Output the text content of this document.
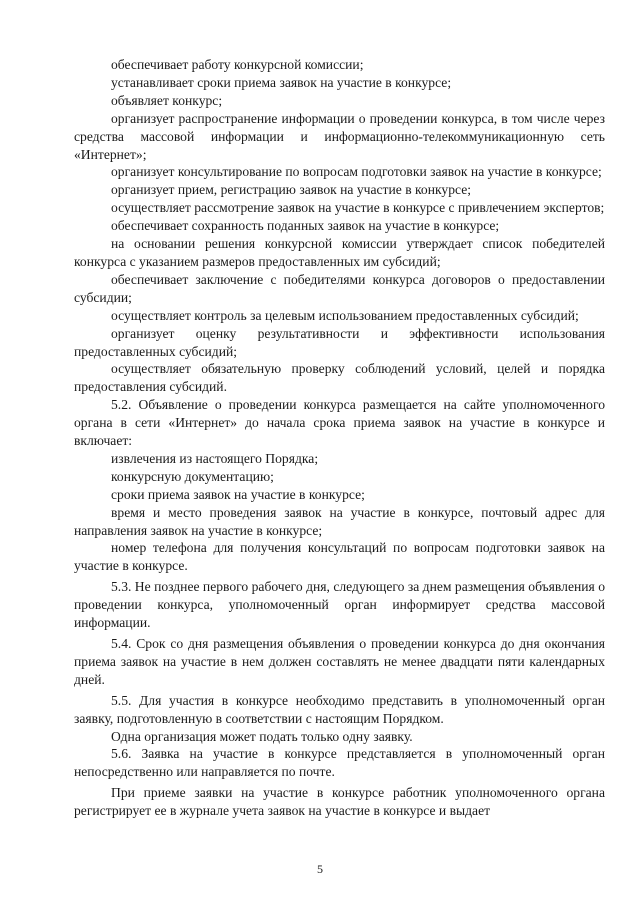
обеспечивает работу конкурсной комиссии;

устанавливает сроки приема заявок на участие в конкурсе;

объявляет конкурс;

организует распространение информации о проведении конкурса, в том числе через средства массовой информации и информационно-телекоммуникационную сеть «Интернет»;

организует консультирование по вопросам подготовки заявок на участие в конкурсе;

организует прием, регистрацию заявок на участие в конкурсе;

осуществляет рассмотрение заявок на участие в конкурсе с привлечением экспертов;

обеспечивает сохранность поданных заявок на участие в конкурсе;

на основании решения конкурсной комиссии утверждает список победителей конкурса с указанием размеров предоставленных им субсидий;

обеспечивает заключение с победителями конкурса договоров о предоставлении субсидии;

осуществляет контроль за целевым использованием предоставленных субсидий;

организует оценку результативности и эффективности использования предоставленных субсидий;

осуществляет обязательную проверку соблюдений условий, целей и порядка предоставления субсидий.

5.2. Объявление о проведении конкурса размещается на сайте уполномоченного органа в сети «Интернет» до начала срока приема заявок на участие в конкурсе и включает:

извлечения из настоящего Порядка;

конкурсную документацию;

сроки приема заявок на участие в конкурсе;

время и место проведения заявок на участие в конкурсе, почтовый адрес для направления заявок на участие в конкурсе;

номер телефона для получения консультаций по вопросам подготовки заявок на участие в конкурсе.

5.3. Не позднее первого рабочего дня, следующего за днем размещения объявления о проведении конкурса, уполномоченный орган информирует средства массовой информации.

5.4. Срок со дня размещения объявления о проведении конкурса до дня окончания приема заявок на участие в нем должен составлять не менее двадцати пяти календарных дней.

5.5. Для участия в конкурсе необходимо представить в уполномоченный орган заявку, подготовленную в соответствии с настоящим Порядком.

Одна организация может подать только одну заявку.

5.6. Заявка на участие в конкурсе представляется в уполномоченный орган непосредственно или направляется по почте.

При приеме заявки на участие в конкурсе работник уполномоченного органа регистрирует ее в журнале учета заявок на участие в конкурсе и выдает

5
